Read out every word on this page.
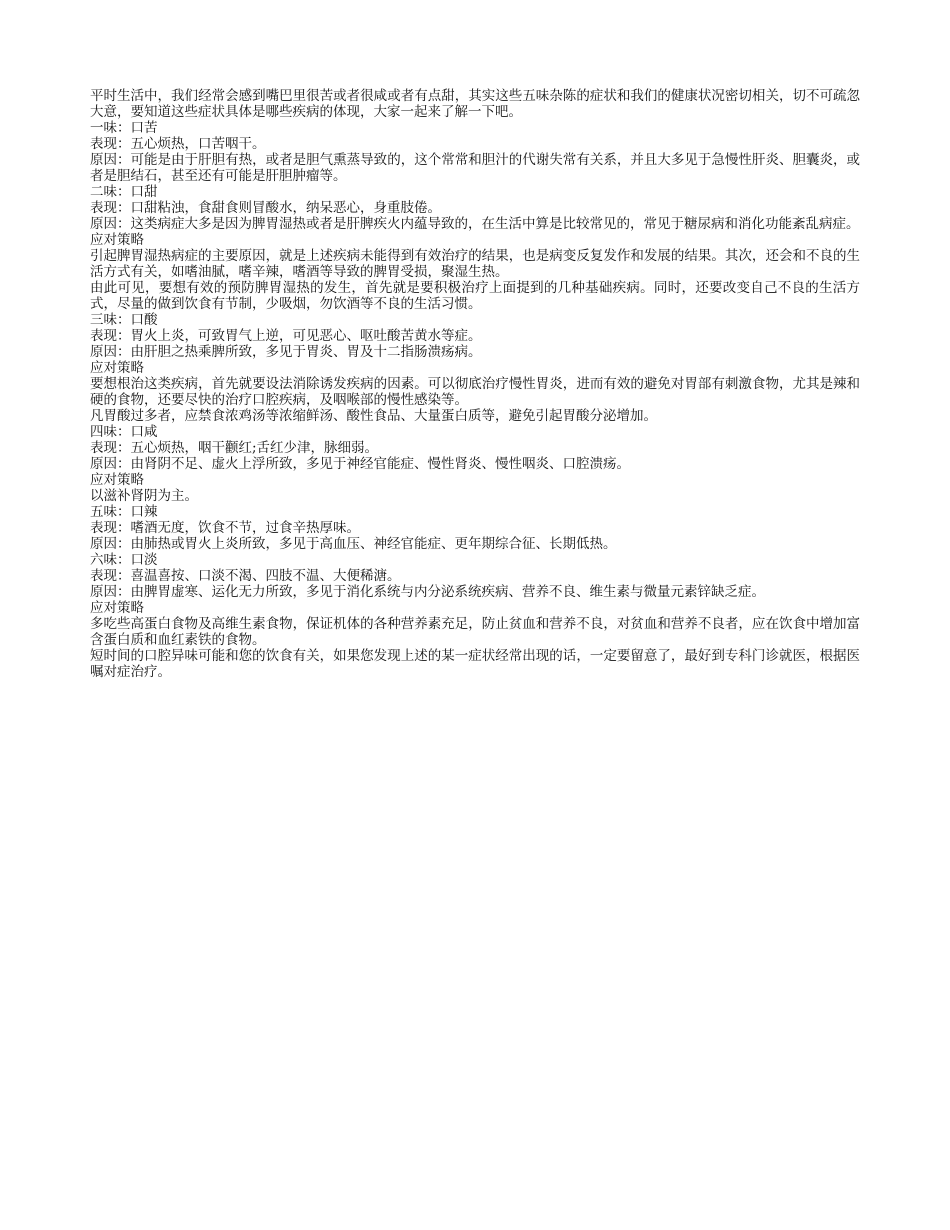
平时生活中，我们经常会感到嘴巴里很苦或者很咸或者有点甜，其实这些五味杂陈的症状和我们的健康状况密切相关，切不可疏忽大意，要知道这些症状具体是哪些疾病的体现，大家一起来了解一下吧。

一味：口苦

表现：五心烦热，口苦咽干。

原因：可能是由于肝胆有热，或者是胆气熏蒸导致的，这个常常和胆汁的代谢失常有关系，并且大多见于急慢性肝炎、胆囊炎，或者是胆结石，甚至还有可能是肝胆肿瘤等。

二味：口甜

表现：口甜粘浊，食甜食则冒酸水，纳呆恶心，身重肢倦。

原因：这类病症大多是因为脾胃湿热或者是肝脾疾火内蕴导致的，在生活中算是比较常见的，常见于糖尿病和消化功能紊乱病症。

应对策略

引起脾胃湿热病症的主要原因，就是上述疾病未能得到有效治疗的结果，也是病变反复发作和发展的结果。其次，还会和不良的生活方式有关，如嗜油腻，嗜辛辣，嗜酒等导致的脾胃受损，聚湿生热。

由此可见，要想有效的预防脾胃湿热的发生，首先就是要积极治疗上面提到的几种基础疾病。同时，还要改变自己不良的生活方式，尽量的做到饮食有节制，少吸烟，勿饮酒等不良的生活习惯。

三味：口酸

表现：胃火上炎，可致胃气上逆，可见恶心、呕吐酸苦黄水等症。

原因：由肝胆之热乘脾所致，多见于胃炎、胃及十二指肠溃疡病。

应对策略

要想根治这类疾病，首先就要设法消除诱发疾病的因素。可以彻底治疗慢性胃炎，进而有效的避免对胃部有刺激食物，尤其是辣和硬的食物，还要尽快的治疗口腔疾病，及咽喉部的慢性感染等。

凡胃酸过多者，应禁食浓鸡汤等浓缩鲜汤、酸性食品、大量蛋白质等，避免引起胃酸分泌增加。

四味：口咸

表现：五心烦热，咽干颧红;舌红少津，脉细弱。

原因：由肾阴不足、虚火上浮所致，多见于神经官能症、慢性肾炎、慢性咽炎、口腔溃疡。

应对策略

以滋补肾阴为主。

五味：口辣

表现：嗜酒无度，饮食不节，过食辛热厚味。

原因：由肺热或胃火上炎所致，多见于高血压、神经官能症、更年期综合征、长期低热。

六味：口淡

表现：喜温喜按、口淡不渴、四肢不温、大便稀溏。

原因：由脾胃虚寒、运化无力所致，多见于消化系统与内分泌系统疾病、营养不良、维生素与微量元素锌缺乏症。

应对策略

多吃些高蛋白食物及高维生素食物，保证机体的各种营养素充足，防止贫血和营养不良，对贫血和营养不良者，应在饮食中增加富含蛋白质和血红素铁的食物。

短时间的口腔异味可能和您的饮食有关，如果您发现上述的某一症状经常出现的话，一定要留意了，最好到专科门诊就医，根据医嘱对症治疗。
